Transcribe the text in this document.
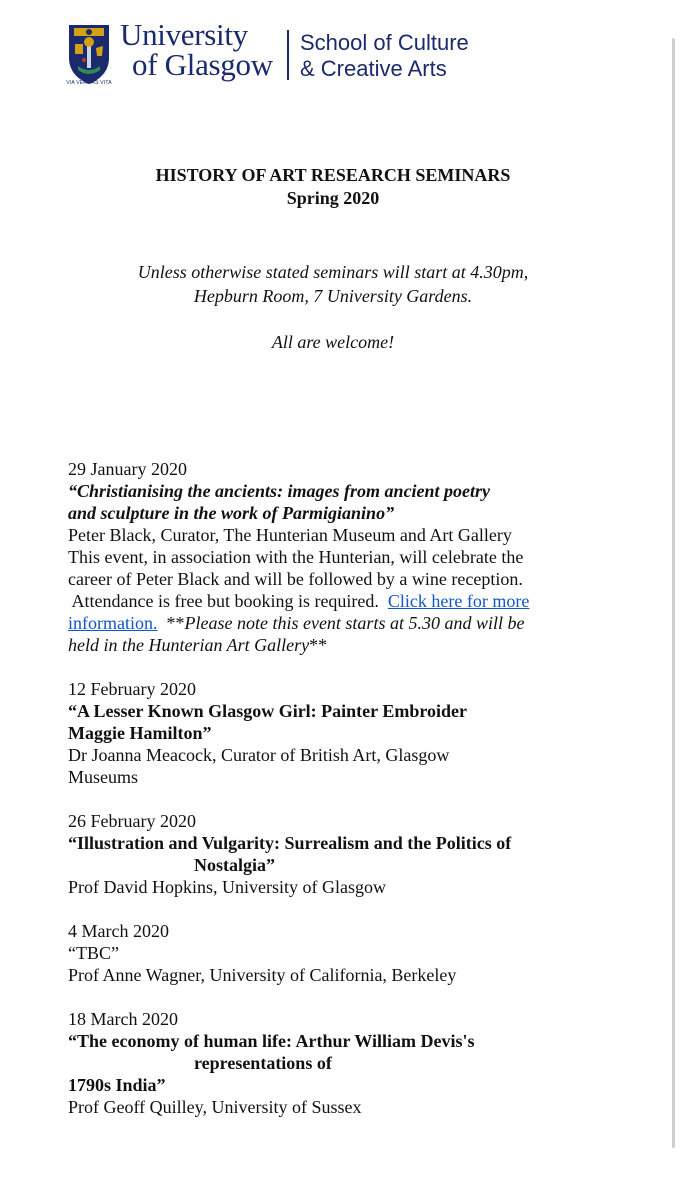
VIA VERITAS VITA
University
of Glasgow
School of Culture
& Creative Arts
HISTORY OF ART RESEARCH SEMINARS
Spring 2020
Unless otherwise stated seminars will start at 4.30pm,
Hepburn Room, 7 University Gardens.
All are welcome!
29 January 2020
“Christianising the ancients: images from ancient poetry
and sculpture in the work of Parmigianino”
Peter Black, Curator, The Hunterian Museum and Art Gallery
This event, in association with the Hunterian, will celebrate the
career of Peter Black and will be followed by a wine reception.
Attendance is free but booking is required.  Click here for more
information.  **Please note this event starts at 5.30 and will be
held in the Hunterian Art Gallery**
12 February 2020
“A Lesser Known Glasgow Girl: Painter Embroider
Maggie Hamilton”
Dr Joanna Meacock, Curator of British Art, Glasgow
Museums
26 February 2020
“Illustration and Vulgarity: Surrealism and the Politics of
Nostalgia”
Prof David Hopkins, University of Glasgow
4 March 2020
“TBC”
Prof Anne Wagner, University of California, Berkeley
18 March 2020
“The economy of human life: Arthur William Devis's
representations of
1790s India”
Prof Geoff Quilley, University of Sussex
